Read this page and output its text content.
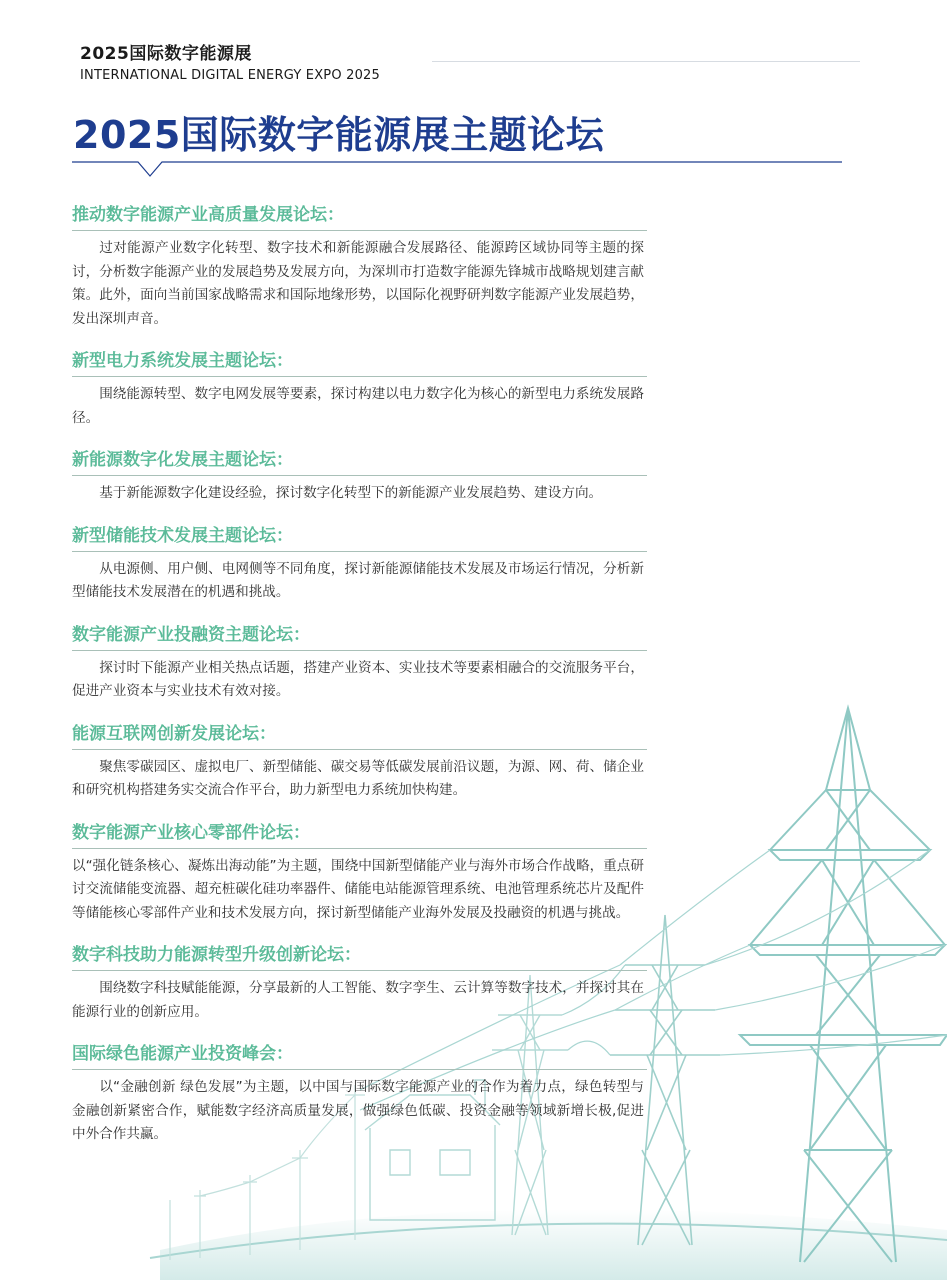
2025国际数字能源展
INTERNATIONAL DIGITAL ENERGY EXPO 2025
2025国际数字能源展主题论坛
推动数字能源产业高质量发展论坛：
过对能源产业数字化转型、数字技术和新能源融合发展路径、能源跨区域协同等主题的探讨，分析数字能源产业的发展趋势及发展方向，为深圳市打造数字能源先锋城市战略规划建言献策。此外，面向当前国家战略需求和国际地缘形势，以国际化视野研判数字能源产业发展趋势，发出深圳声音。
新型电力系统发展主题论坛：
围绕能源转型、数字电网发展等要素，探讨构建以电力数字化为核心的新型电力系统发展路径。
新能源数字化发展主题论坛：
基于新能源数字化建设经验，探讨数字化转型下的新能源产业发展趋势、建设方向。
新型储能技术发展主题论坛：
从电源侧、用户侧、电网侧等不同角度，探讨新能源储能技术发展及市场运行情况，分析新型储能技术发展潜在的机遇和挑战。
数字能源产业投融资主题论坛：
探讨时下能源产业相关热点话题，搭建产业资本、实业技术等要素相融合的交流服务平台，促进产业资本与实业技术有效对接。
能源互联网创新发展论坛：
聚焦零碳园区、虚拟电厂、新型储能、碳交易等低碳发展前沿议题，为源、网、荷、储企业和研究机构搭建务实交流合作平台，助力新型电力系统加快构建。
数字能源产业核心零部件论坛：
以“强化链条核心、凝炼出海动能”为主题，围绕中国新型储能产业与海外市场合作战略，重点研讨交流储能变流器、超充桩碳化硅功率器件、储能电站能源管理系统、电池管理系统芯片及配件等储能核心零部件产业和技术发展方向，探讨新型储能产业海外发展及投融资的机遇与挑战。
数字科技助力能源转型升级创新论坛：
围绕数字科技赋能能源，分享最新的人工智能、数字孪生、云计算等数字技术，并探讨其在能源行业的创新应用。
国际绿色能源产业投资峰会：
以“金融创新 绿色发展”为主题，以中国与国际数字能源产业的合作为着力点，绿色转型与金融创新紧密合作，赋能数字经济高质量发展，做强绿色低碳、投资金融等领域新增长极,促进中外合作共赢。
